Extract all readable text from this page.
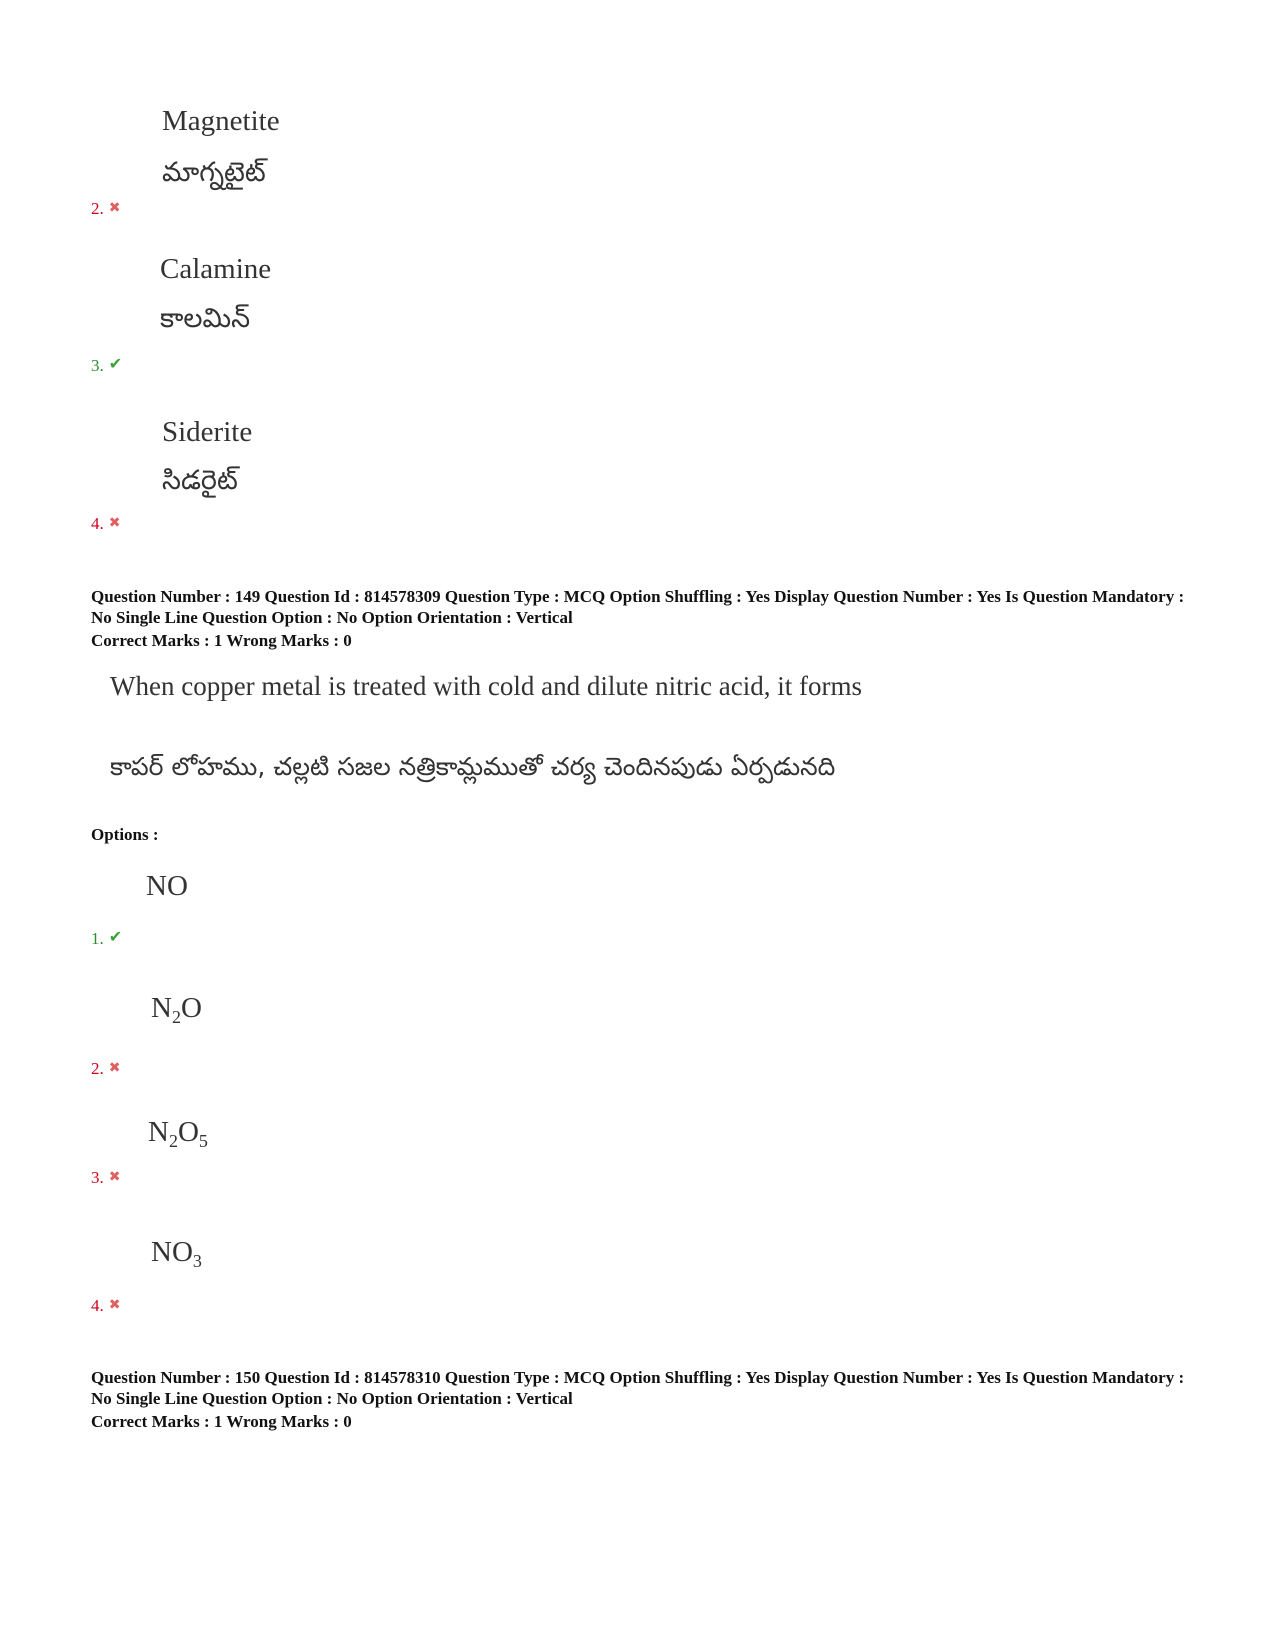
Magnetite
మాగ్నటైట్
2. ✖
Calamine
కాలమిన్
3. ✔
Siderite
సిడరైట్
4. ✖
Question Number : 149 Question Id : 814578309 Question Type : MCQ Option Shuffling : Yes Display Question Number : Yes Is Question Mandatory : No Single Line Question Option : No Option Orientation : Vertical
Correct Marks : 1 Wrong Marks : 0
When copper metal is treated with cold and dilute nitric acid, it forms
కాపర్ లోహము, చల్లటి సజల నత్రికామ్లముతో చర్య చెందినపుడు ఏర్పడునది
Options :
NO
1. ✔
$N_2O$
2. ✖
$N_2O_5$
3. ✖
$NO_3$
4. ✖
Question Number : 150 Question Id : 814578310 Question Type : MCQ Option Shuffling : Yes Display Question Number : Yes Is Question Mandatory : No Single Line Question Option : No Option Orientation : Vertical
Correct Marks : 1 Wrong Marks : 0
